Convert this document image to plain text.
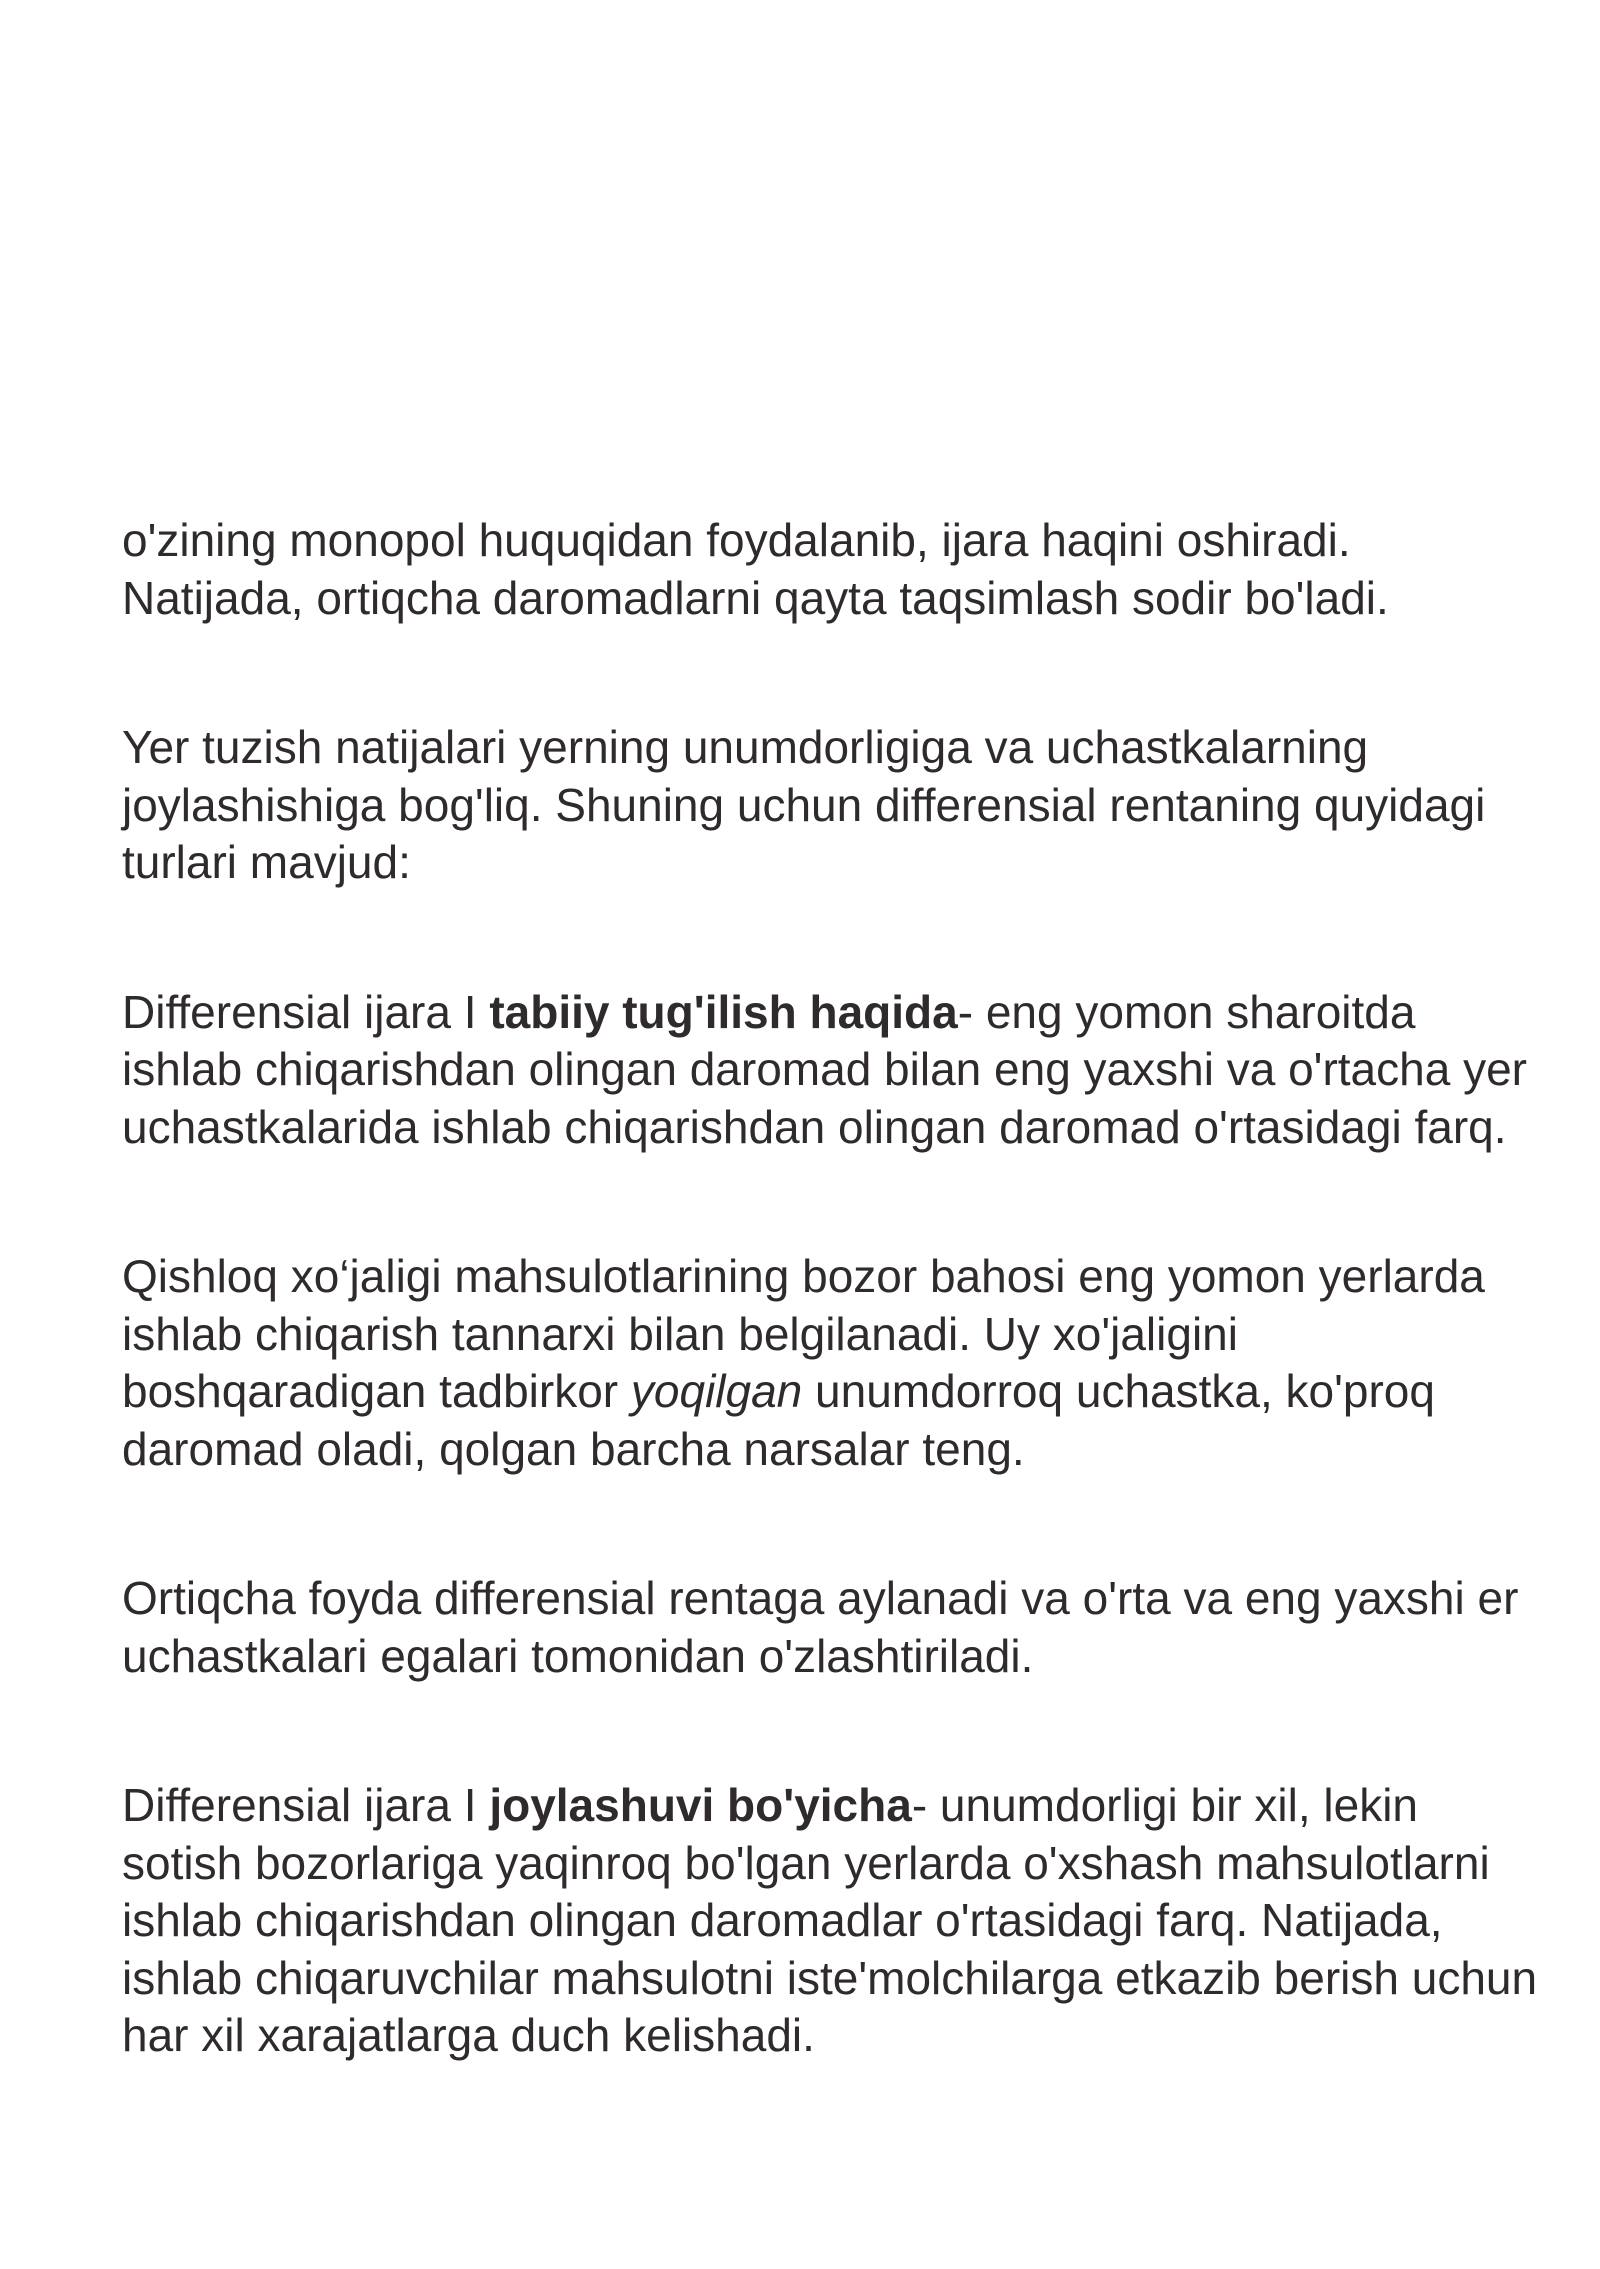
o'zining monopol huquqidan foydalanib, ijara haqini oshiradi. Natijada, ortiqcha daromadlarni qayta taqsimlash sodir bo'ladi.

Yer tuzish natijalari yerning unumdorligiga va uchastkalarning joylashishiga bog'liq. Shuning uchun differensial rentaning quyidagi turlari mavjud:

Differensial ijara I tabiiy tug'ilish haqida- eng yomon sharoitda ishlab chiqarishdan olingan daromad bilan eng yaxshi va o'rtacha yer uchastkalarida ishlab chiqarishdan olingan daromad o'rtasidagi farq.

Qishloq xo‘jaligi mahsulotlarining bozor bahosi eng yomon yerlarda ishlab chiqarish tannarxi bilan belgilanadi. Uy xo'jaligini boshqaradigan tadbirkor yoqilgan unumdorroq uchastka, ko'proq daromad oladi, qolgan barcha narsalar teng.

Ortiqcha foyda differensial rentaga aylanadi va o'rta va eng yaxshi er uchastkalari egalari tomonidan o'zlashtiriladi.

Differensial ijara I joylashuvi bo'yicha- unumdorligi bir xil, lekin sotish bozorlariga yaqinroq bo'lgan yerlarda o'xshash mahsulotlarni ishlab chiqarishdan olingan daromadlar o'rtasidagi farq. Natijada, ishlab chiqaruvchilar mahsulotni iste'molchilarga etkazib berish uchun har xil xarajatlarga duch kelishadi.
